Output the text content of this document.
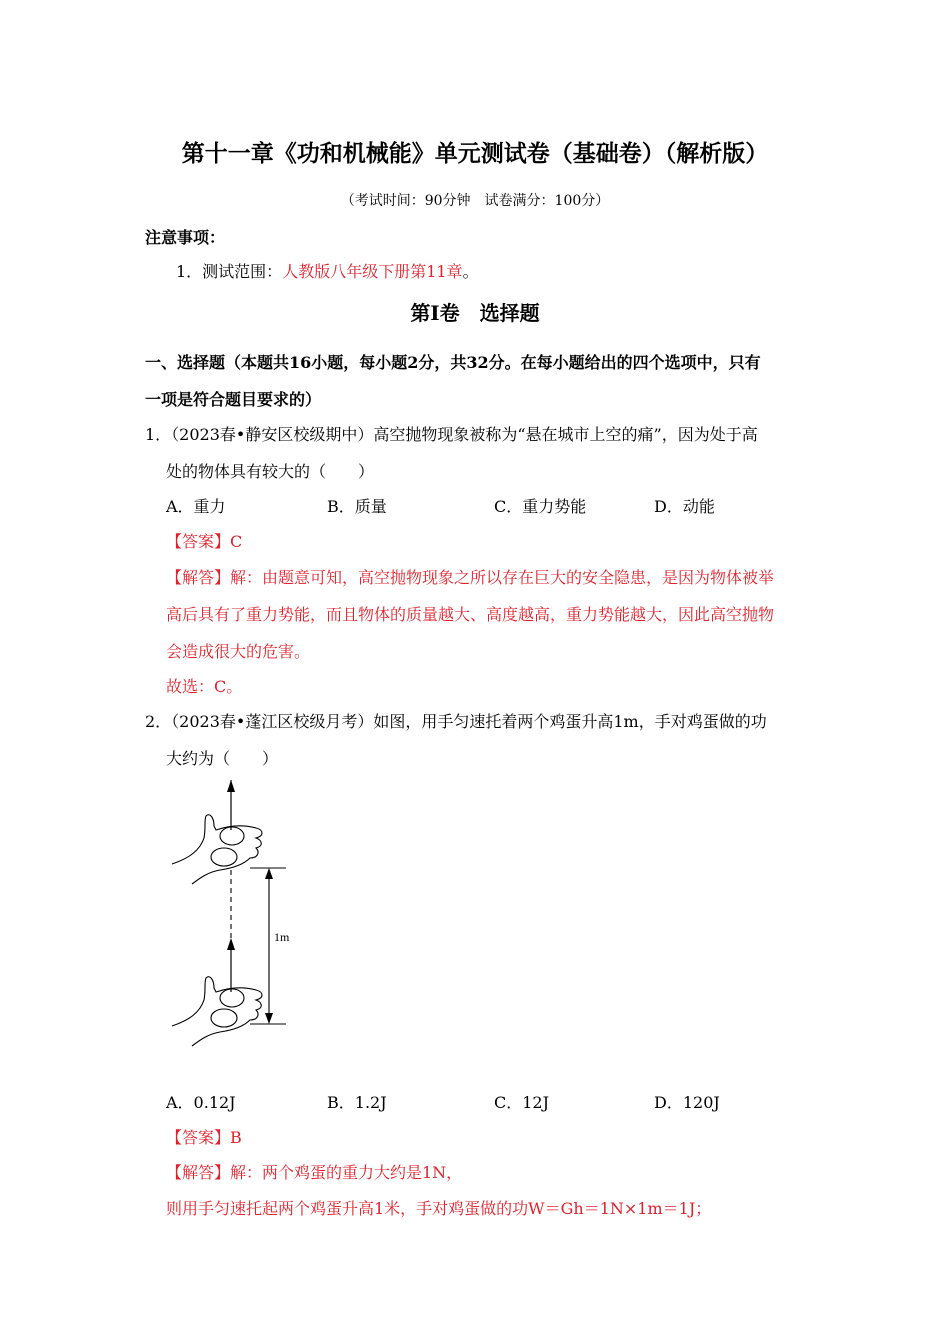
第十一章《功和机械能》单元测试卷（基础卷）（解析版）
（考试时间：90分钟　试卷满分：100分）
注意事项：
1．测试范围：人教版八年级下册第11章。
第Ⅰ卷　选择题
一、选择题（本题共16小题，每小题2分，共32分。在每小题给出的四个选项中，只有
一项是符合题目要求的）
1．（2023春•静安区校级期中）高空抛物现象被称为“悬在城市上空的痛”，因为处于高
处的物体具有较大的（　　）
A．重力	B．质量	C．重力势能	D．动能
【答案】C
【解答】解：由题意可知，高空抛物现象之所以存在巨大的安全隐患，是因为物体被举
高后具有了重力势能，而且物体的质量越大、高度越高，重力势能越大，因此高空抛物
会造成很大的危害。
故选：C。
2．（2023春•蓬江区校级月考）如图，用手匀速托着两个鸡蛋升高1m，手对鸡蛋做的功
大约为（　　）
1m
A．0.12J	B．1.2J	C．12J	D．120J
【答案】B
【解答】解：两个鸡蛋的重力大约是1N，
则用手匀速托起两个鸡蛋升高1米，手对鸡蛋做的功W＝Gh＝1N×1m＝1J；
